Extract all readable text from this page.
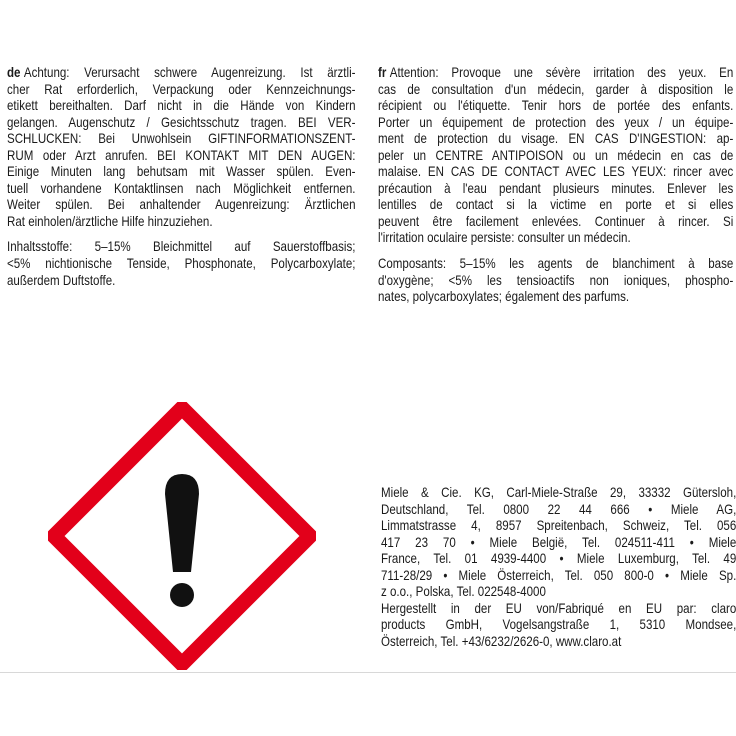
de Achtung: Verursacht schwere Augenreizung. Ist ärztli-
cher Rat erforderlich, Verpackung oder Kennzeichnungs-
etikett bereithalten. Darf nicht in die Hände von Kindern
gelangen. Augenschutz / Gesichtsschutz tragen. BEI VER-
SCHLUCKEN: Bei Unwohlsein GIFTINFORMATIONSZENT-
RUM oder Arzt anrufen. BEI KONTAKT MIT DEN AUGEN:
Einige Minuten lang behutsam mit Wasser spülen. Even-
tuell vorhandene Kontaktlinsen nach Möglichkeit entfernen.
Weiter spülen. Bei anhaltender Augenreizung: Ärztlichen
Rat einholen/ärztliche Hilfe hinzuziehen.
Inhaltsstoffe: 5–15% Bleichmittel auf Sauerstoffbasis;
<5% nichtionische Tenside, Phosphonate, Polycarboxylate;
außerdem Duftstoffe.
fr Attention: Provoque une sévère irritation des yeux. En
cas de consultation d'un médecin, garder à disposition le
récipient ou l'étiquette. Tenir hors de portée des enfants.
Porter un équipement de protection des yeux / un équipe-
ment de protection du visage. EN CAS D'INGESTION: ap-
peler un CENTRE ANTIPOISON ou un médecin en cas de
malaise. EN CAS DE CONTACT AVEC LES YEUX: rincer avec
précaution à l'eau pendant plusieurs minutes. Enlever les
lentilles de contact si la victime en porte et si elles
peuvent être facilement enlevées. Continuer à rincer. Si
l'irritation oculaire persiste: consulter un médecin.
Composants: 5–15% les agents de blanchiment à base
d'oxygène; <5% les tensioactifs non ioniques, phospho-
nates, polycarboxylates; également des parfums.
Miele & Cie. KG, Carl-Miele-Straße 29, 33332 Gütersloh,
Deutschland, Tel. 0800 22 44 666 • Miele AG,
Limmatstrasse 4, 8957 Spreitenbach, Schweiz, Tel. 056
417 23 70 • Miele België, Tel. 024511-411 • Miele
France, Tel. 01 4939-4400 • Miele Luxemburg, Tel. 49
711-28/29 • Miele Österreich, Tel. 050 800-0 • Miele Sp.
z o.o., Polska, Tel. 022548-4000
Hergestellt in der EU von/Fabriqué en EU par: claro
products GmbH, Vogelsangstraße 1, 5310 Mondsee,
Österreich, Tel. +43/6232/2626-0, www.claro.at
